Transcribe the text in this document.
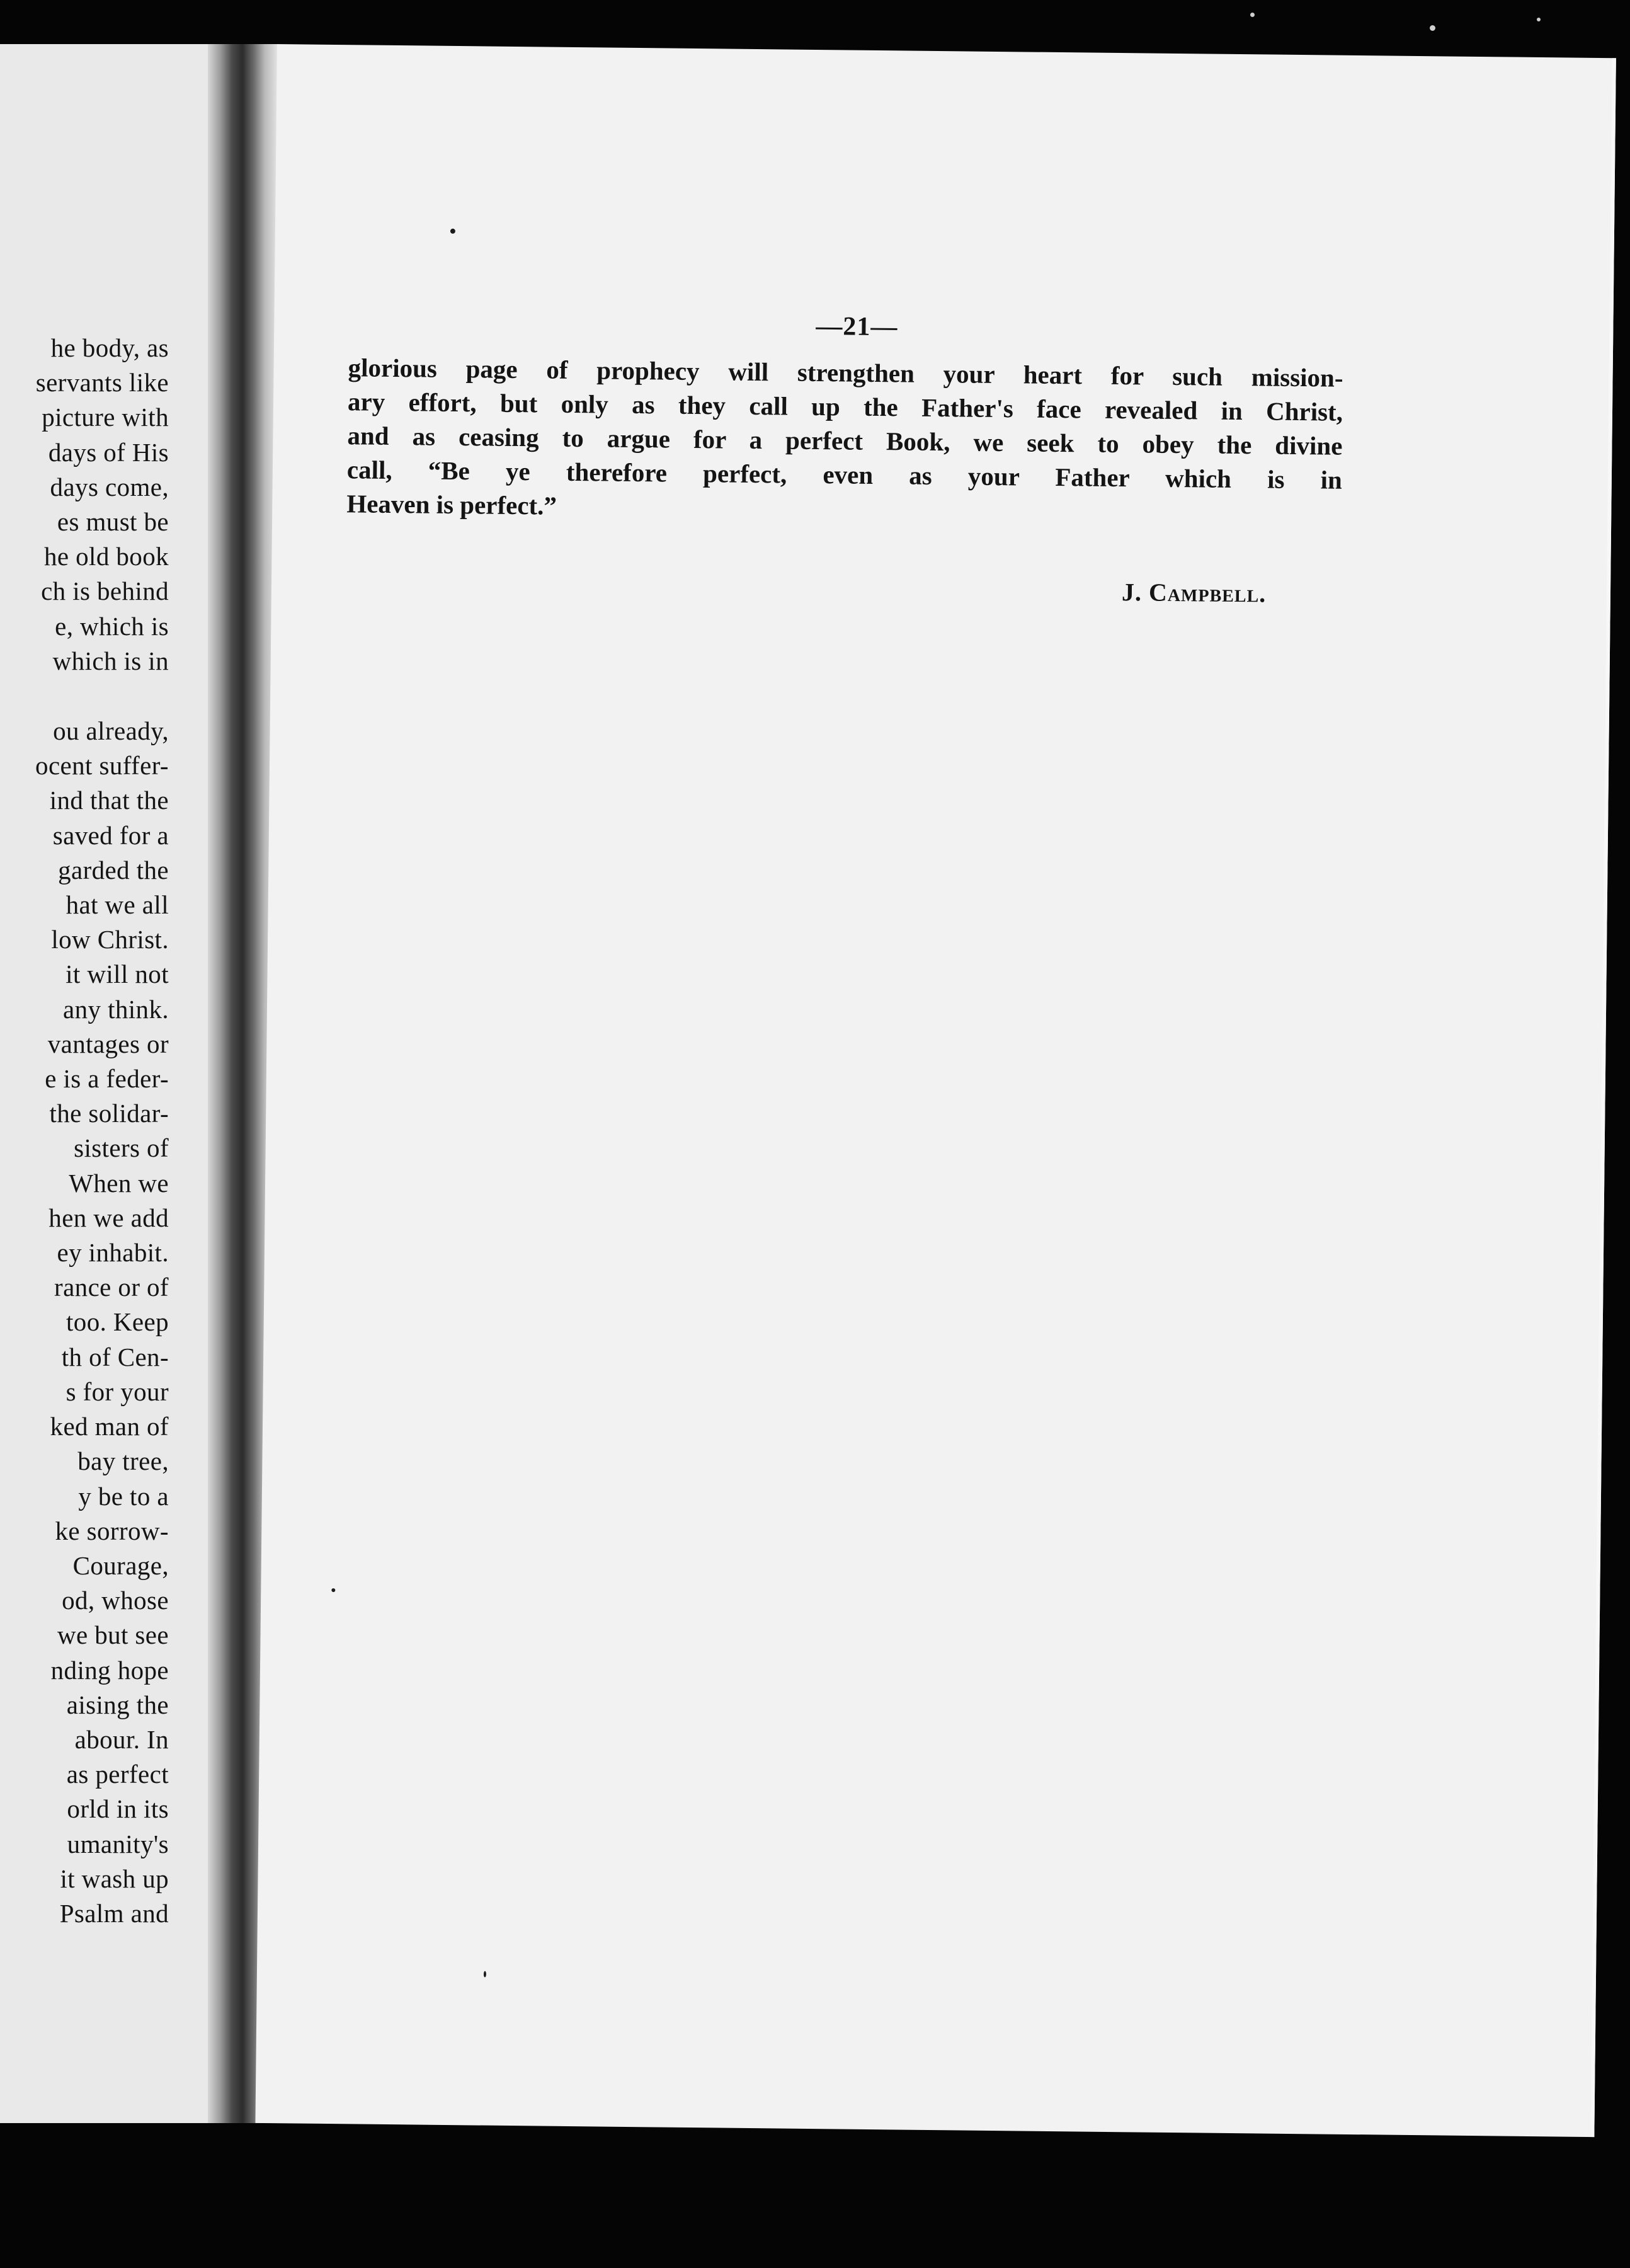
he body, as
servants like
picture with
days of His
days come,
es must be
he old book
ch is behind
e, which is
which is in
ou already,
ocent suffer-
ind that the
saved for a
garded the
hat we all
low Christ.
it will not
any think.
vantages or
e is a feder-
the solidar-
sisters of
When we
hen we add
ey inhabit.
rance or of
too. Keep
th of Cen-
s for your
ked man of
bay tree,
y be to a
ke sorrow-
Courage,
od, whose
we but see
nding hope
aising the
abour. In
as perfect
orld in its
umanity's
it wash up
Psalm and
—21—
glorious page of prophecy will strengthen your heart for such mission-
ary effort, but only as they call up the Father's face revealed in Christ,
and as ceasing to argue for a perfect Book, we seek to obey the divine
call, “Be ye therefore perfect, even as your Father which is in
Heaven is perfect.”
J. Campbell.
